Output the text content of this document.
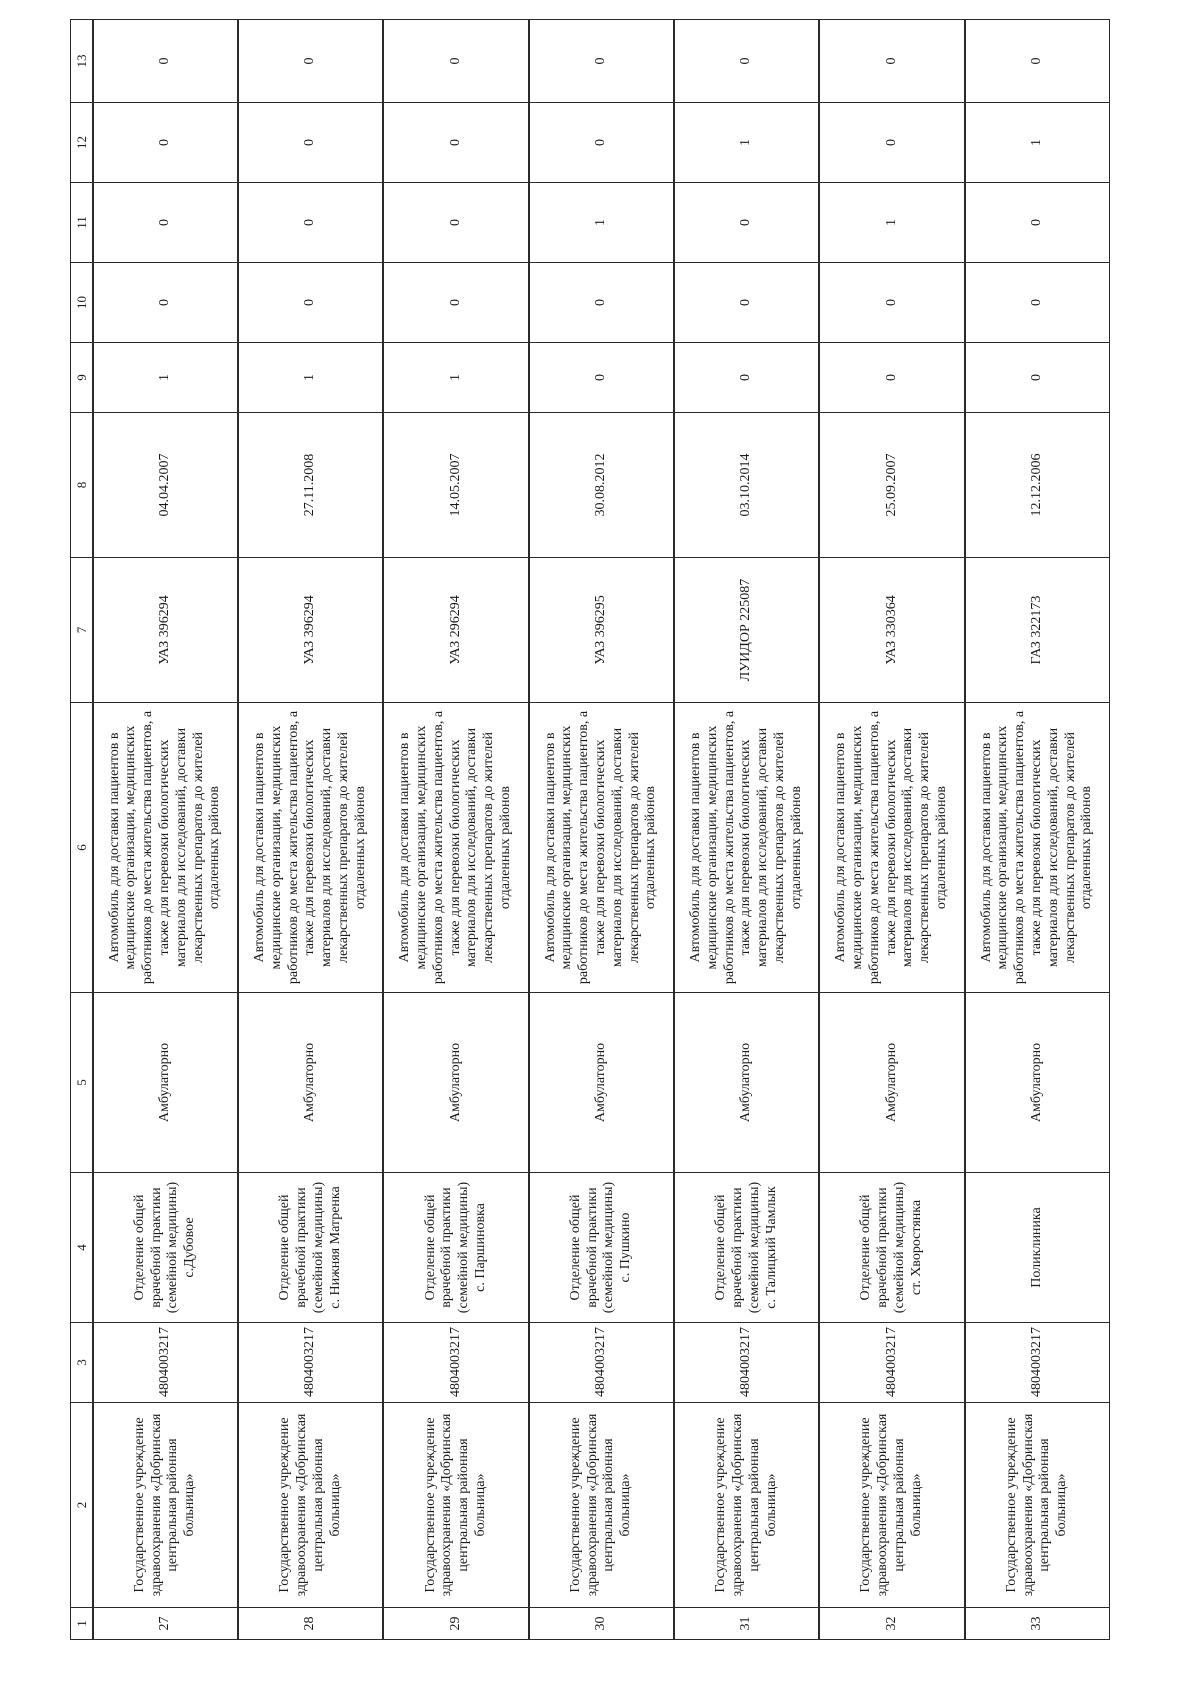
1	2	3	4	5	6	7	8	9	10	11	12	13
27	Государственное учреждение здравоохранения «Добринская центральная районная больница»	4804003217	Отделение общей врачебной практики (семейной медицины) с.Дубовое	Амбулаторно	Автомобиль для доставки пациентов в медицинские организации, медицинских работников до места жительства пациентов, а также для перевозки биологических материалов для исследований, доставки лекарственных препаратов до жителей отдаленных районов	УАЗ 396294	04.04.2007	1	0	0	0	0
28	Государственное учреждение здравоохранения «Добринская центральная районная больница»	4804003217	Отделение общей врачебной практики (семейной медицины) с. Нижняя Матренка	Амбулаторно	Автомобиль для доставки пациентов в медицинские организации, медицинских работников до места жительства пациентов, а также для перевозки биологических материалов для исследований, доставки лекарственных препаратов до жителей отдаленных районов	УАЗ 396294	27.11.2008	1	0	0	0	0
29	Государственное учреждение здравоохранения «Добринская центральная районная больница»	4804003217	Отделение общей врачебной практики (семейной медицины) с. Паршиновка	Амбулаторно	Автомобиль для доставки пациентов в медицинские организации, медицинских работников до места жительства пациентов, а также для перевозки биологических материалов для исследований, доставки лекарственных препаратов до жителей отдаленных районов	УАЗ 296294	14.05.2007	1	0	0	0	0
30	Государственное учреждение здравоохранения «Добринская центральная районная больница»	4804003217	Отделение общей врачебной практики (семейной медицины) с. Пушкино	Амбулаторно	Автомобиль для доставки пациентов в медицинские организации, медицинских работников до места жительства пациентов, а также для перевозки биологических материалов для исследований, доставки лекарственных препаратов до жителей отдаленных районов	УАЗ 396295	30.08.2012	0	0	1	0	0
31	Государственное учреждение здравоохранения «Добринская центральная районная больница»	4804003217	Отделение общей врачебной практики (семейной медицины) с. Талицкий Чамлык	Амбулаторно	Автомобиль для доставки пациентов в медицинские организации, медицинских работников до места жительства пациентов, а также для перевозки биологических материалов для исследований, доставки лекарственных препаратов до жителей отдаленных районов	ЛУИДОР 225087	03.10.2014	0	0	0	1	0
32	Государственное учреждение здравоохранения «Добринская центральная районная больница»	4804003217	Отделение общей врачебной практики (семейной медицины) ст. Хворостянка	Амбулаторно	Автомобиль для доставки пациентов в медицинские организации, медицинских работников до места жительства пациентов, а также для перевозки биологических материалов для исследований, доставки лекарственных препаратов до жителей отдаленных районов	УАЗ 330364	25.09.2007	0	0	1	0	0
33	Государственное учреждение здравоохранения «Добринская центральная районная больница»	4804003217	Поликлиника	Амбулаторно	Автомобиль для доставки пациентов в медицинские организации, медицинских работников до места жительства пациентов, а также для перевозки биологических материалов для исследований, доставки лекарственных препаратов до жителей отдаленных районов	ГАЗ 322173	12.12.2006	0	0	0	1	0
